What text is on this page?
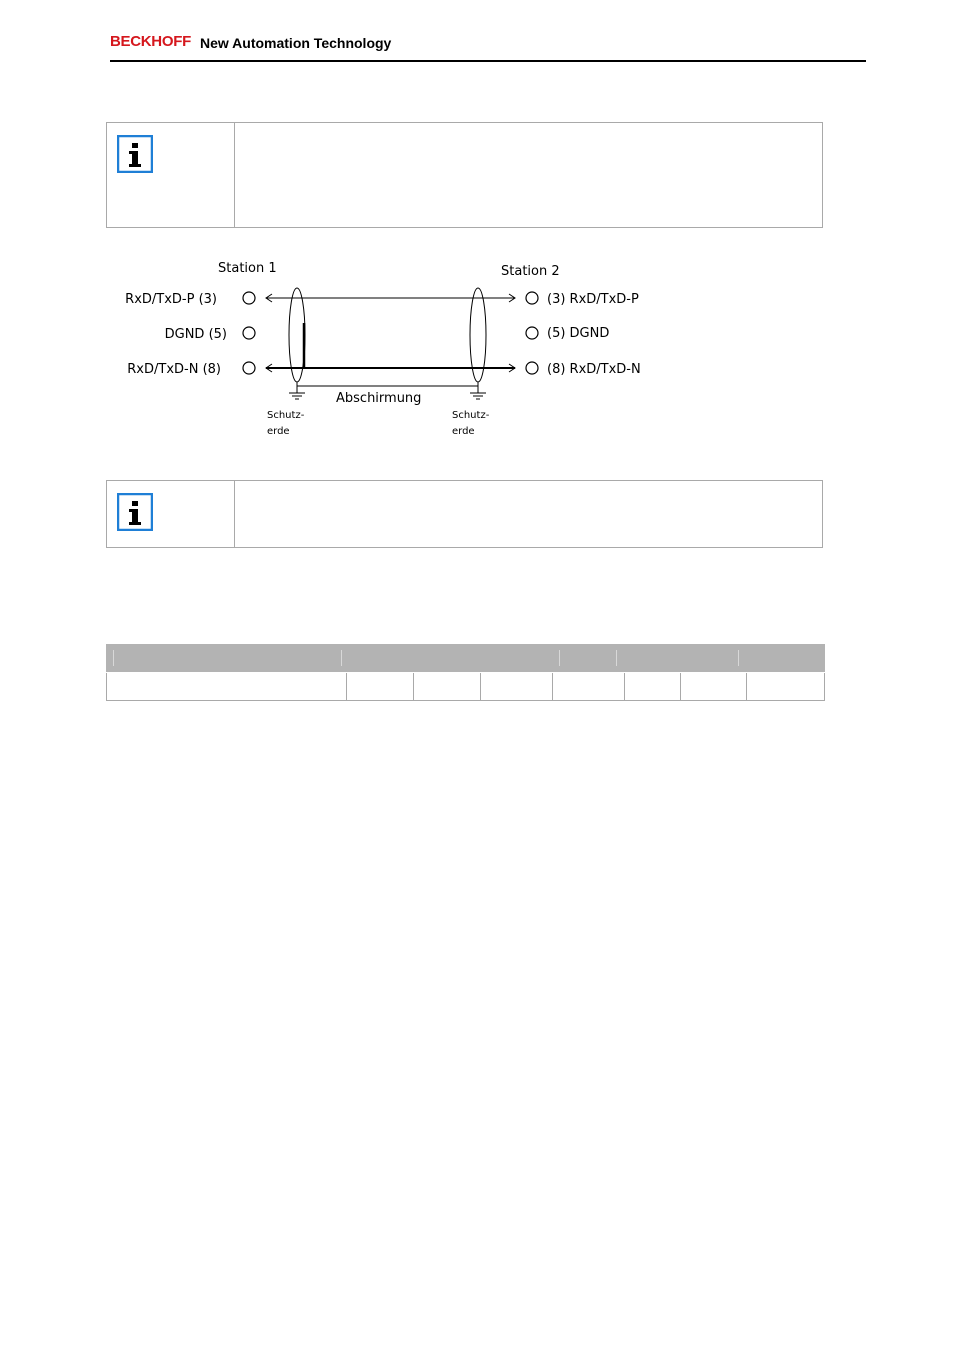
BECKHOFF New Automation Technology
Station 1	Station 2
RxD/TxD-P (3)
DGND (5)
RxD/TxD-N (8)
(3) RxD/TxD-P
(5) DGND
(8) RxD/TxD-N
Abschirmung
Schutz-
erde
Schutz-
erde
